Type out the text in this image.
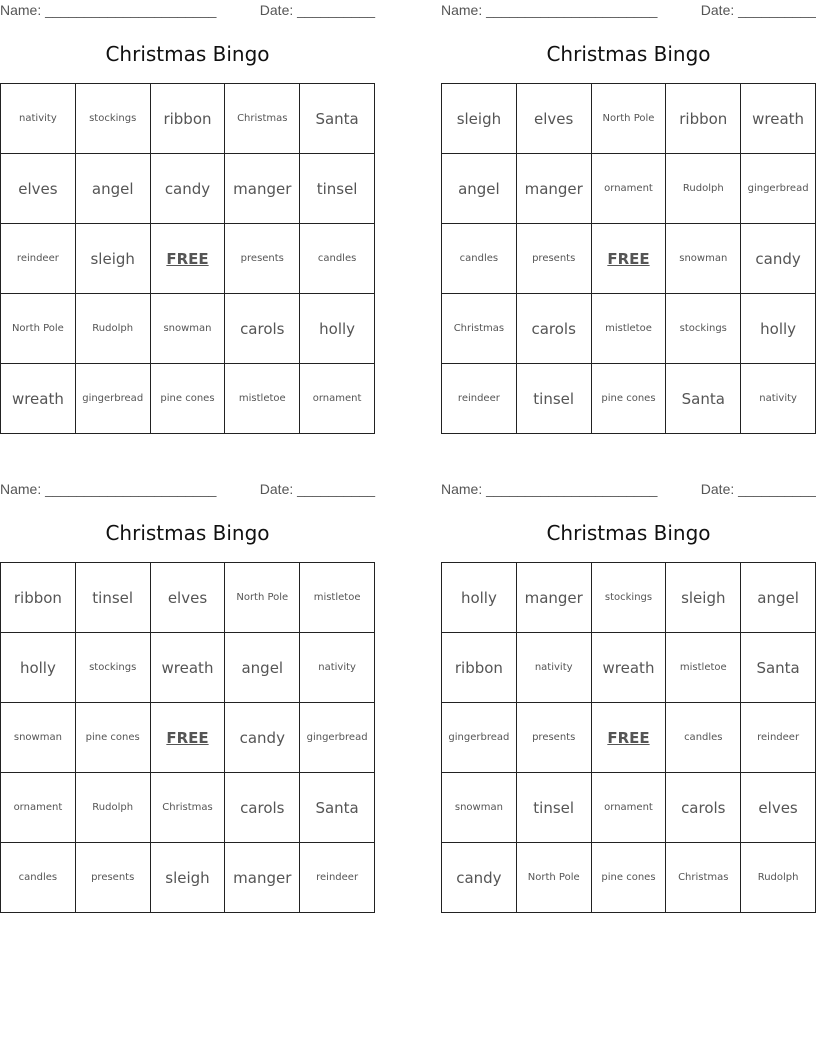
Name: ______________________	Date: __________
Christmas Bingo
nativity	stockings	ribbon	Christmas	Santa
elves	angel	candy	manger	tinsel
reindeer	sleigh	FREE	presents	candles
North Pole	Rudolph	snowman	carols	holly
wreath	gingerbread	pine cones	mistletoe	ornament
Name: ______________________	Date: __________
Christmas Bingo
sleigh	elves	North Pole	ribbon	wreath
angel	manger	ornament	Rudolph	gingerbread
candles	presents	FREE	snowman	candy
Christmas	carols	mistletoe	stockings	holly
reindeer	tinsel	pine cones	Santa	nativity
Name: ______________________	Date: __________
Christmas Bingo
ribbon	tinsel	elves	North Pole	mistletoe
holly	stockings	wreath	angel	nativity
snowman	pine cones	FREE	candy	gingerbread
ornament	Rudolph	Christmas	carols	Santa
candles	presents	sleigh	manger	reindeer
Name: ______________________	Date: __________
Christmas Bingo
holly	manger	stockings	sleigh	angel
ribbon	nativity	wreath	mistletoe	Santa
gingerbread	presents	FREE	candles	reindeer
snowman	tinsel	ornament	carols	elves
candy	North Pole	pine cones	Christmas	Rudolph
